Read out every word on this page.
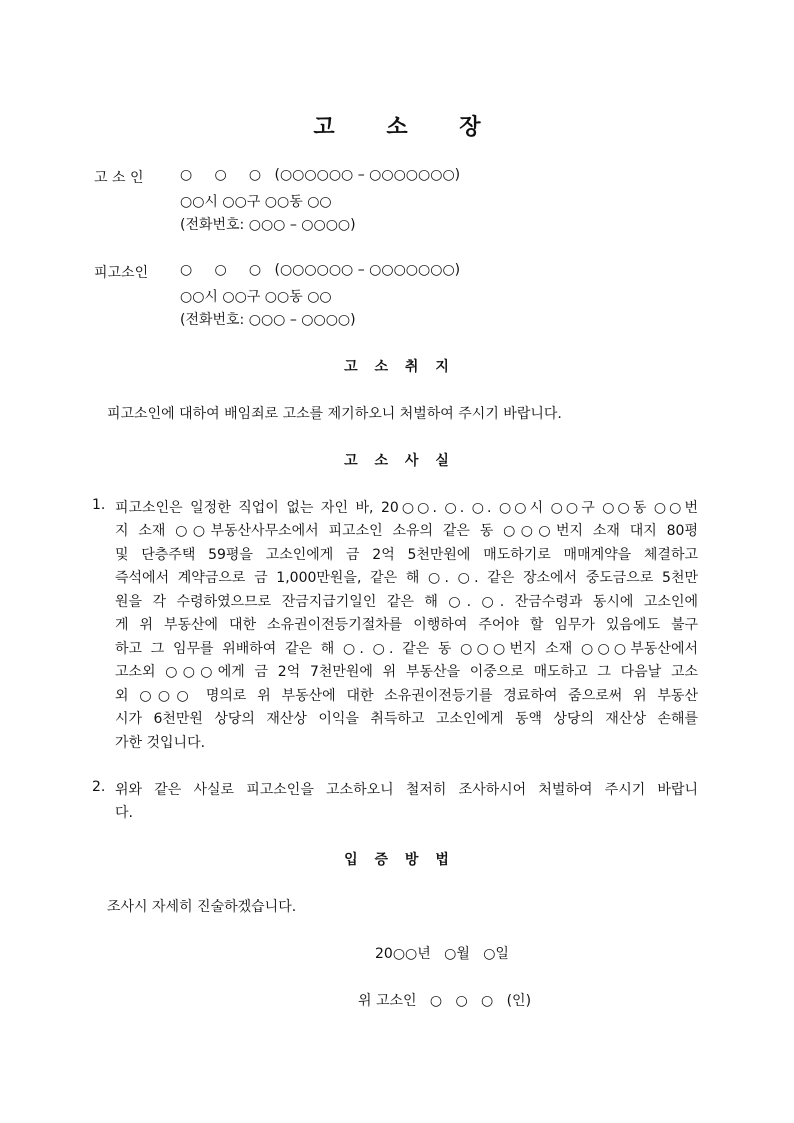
고 소 장
고 소 인	○     ○     ○   (○○○○○○ – ○○○○○○○)
○○시 ○○구 ○○동 ○○
(전화번호: ○○○ – ○○○○)
피고소인 ○     ○     ○   (○○○○○○ – ○○○○○○○)
○○시 ○○구 ○○동 ○○
(전화번호: ○○○ – ○○○○)
고 소 취 지
피고소인에 대하여 배임죄로 고소를 제기하오니 처벌하여 주시기 바랍니다.
고 소 사 실
1. 피고소인은 일정한 직업이 없는 자인 바, 20○○. ○. ○. ○○시 ○○구 ○○동 ○○번
지 소재 ○○부동산사무소에서 피고소인 소유의 같은 동 ○○○번지 소재 대지 80평
및 단층주택 59평을 고소인에게 금 2억 5천만원에 매도하기로 매매계약을 체결하고
즉석에서 계약금으로 금 1,000만원을, 같은 해 ○. ○. 같은 장소에서 중도금으로 5천만
원을 각 수령하였으므로 잔금지급기일인 같은 해 ○. ○. 잔금수령과 동시에 고소인에
게 위 부동산에 대한 소유권이전등기절차를 이행하여 주어야 할 임무가 있음에도 불구
하고 그 임무를 위배하여 같은 해 ○. ○. 같은 동 ○○○번지 소재 ○○○부동산에서
고소외 ○○○에게 금 2억 7천만원에 위 부동산을 이중으로 매도하고 그 다음날 고소
외 ○○○ 명의로 위 부동산에 대한 소유권이전등기를 경료하여 줌으로써 위 부동산
시가 6천만원 상당의 재산상 이익을 취득하고 고소인에게 동액 상당의 재산상 손해를
가한 것입니다.
2. 위와 같은 사실로 피고소인을 고소하오니 철저히 조사하시어 처벌하여 주시기 바랍니
다.
입 증 방 법
조사시 자세히 진술하겠습니다.
20○○년   ○월   ○일
위 고소인   ○   ○   ○   (인)
